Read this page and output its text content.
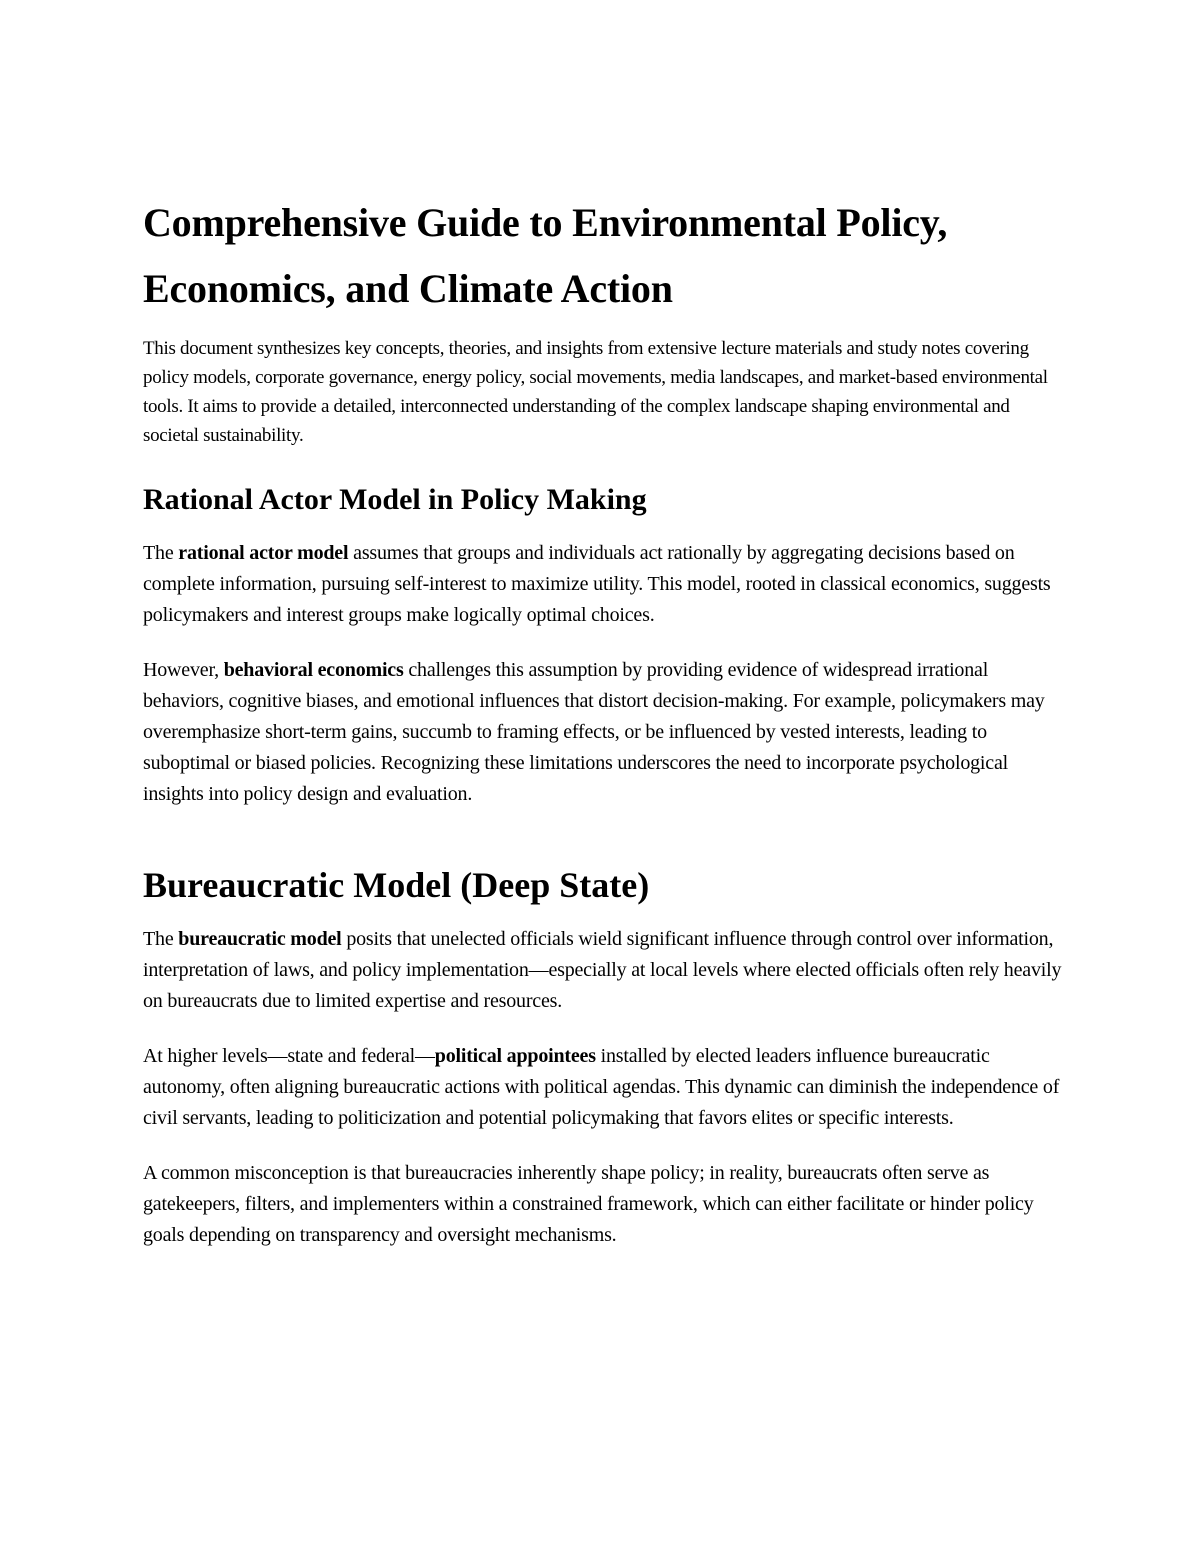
Comprehensive Guide to Environmental Policy, Economics, and Climate Action

This document synthesizes key concepts, theories, and insights from extensive lecture materials and study notes covering policy models, corporate governance, energy policy, social movements, media landscapes, and market-based environmental tools. It aims to provide a detailed, interconnected understanding of the complex landscape shaping environmental and societal sustainability.

Rational Actor Model in Policy Making

The rational actor model assumes that groups and individuals act rationally by aggregating decisions based on complete information, pursuing self-interest to maximize utility. This model, rooted in classical economics, suggests policymakers and interest groups make logically optimal choices.

However, behavioral economics challenges this assumption by providing evidence of widespread irrational behaviors, cognitive biases, and emotional influences that distort decision-making. For example, policymakers may overemphasize short-term gains, succumb to framing effects, or be influenced by vested interests, leading to suboptimal or biased policies. Recognizing these limitations underscores the need to incorporate psychological insights into policy design and evaluation.

Bureaucratic Model (Deep State)

The bureaucratic model posits that unelected officials wield significant influence through control over information, interpretation of laws, and policy implementation—especially at local levels where elected officials often rely heavily on bureaucrats due to limited expertise and resources.

At higher levels—state and federal—political appointees installed by elected leaders influence bureaucratic autonomy, often aligning bureaucratic actions with political agendas. This dynamic can diminish the independence of civil servants, leading to politicization and potential policymaking that favors elites or specific interests.

A common misconception is that bureaucracies inherently shape policy; in reality, bureaucrats often serve as gatekeepers, filters, and implementers within a constrained framework, which can either facilitate or hinder policy goals depending on transparency and oversight mechanisms.
